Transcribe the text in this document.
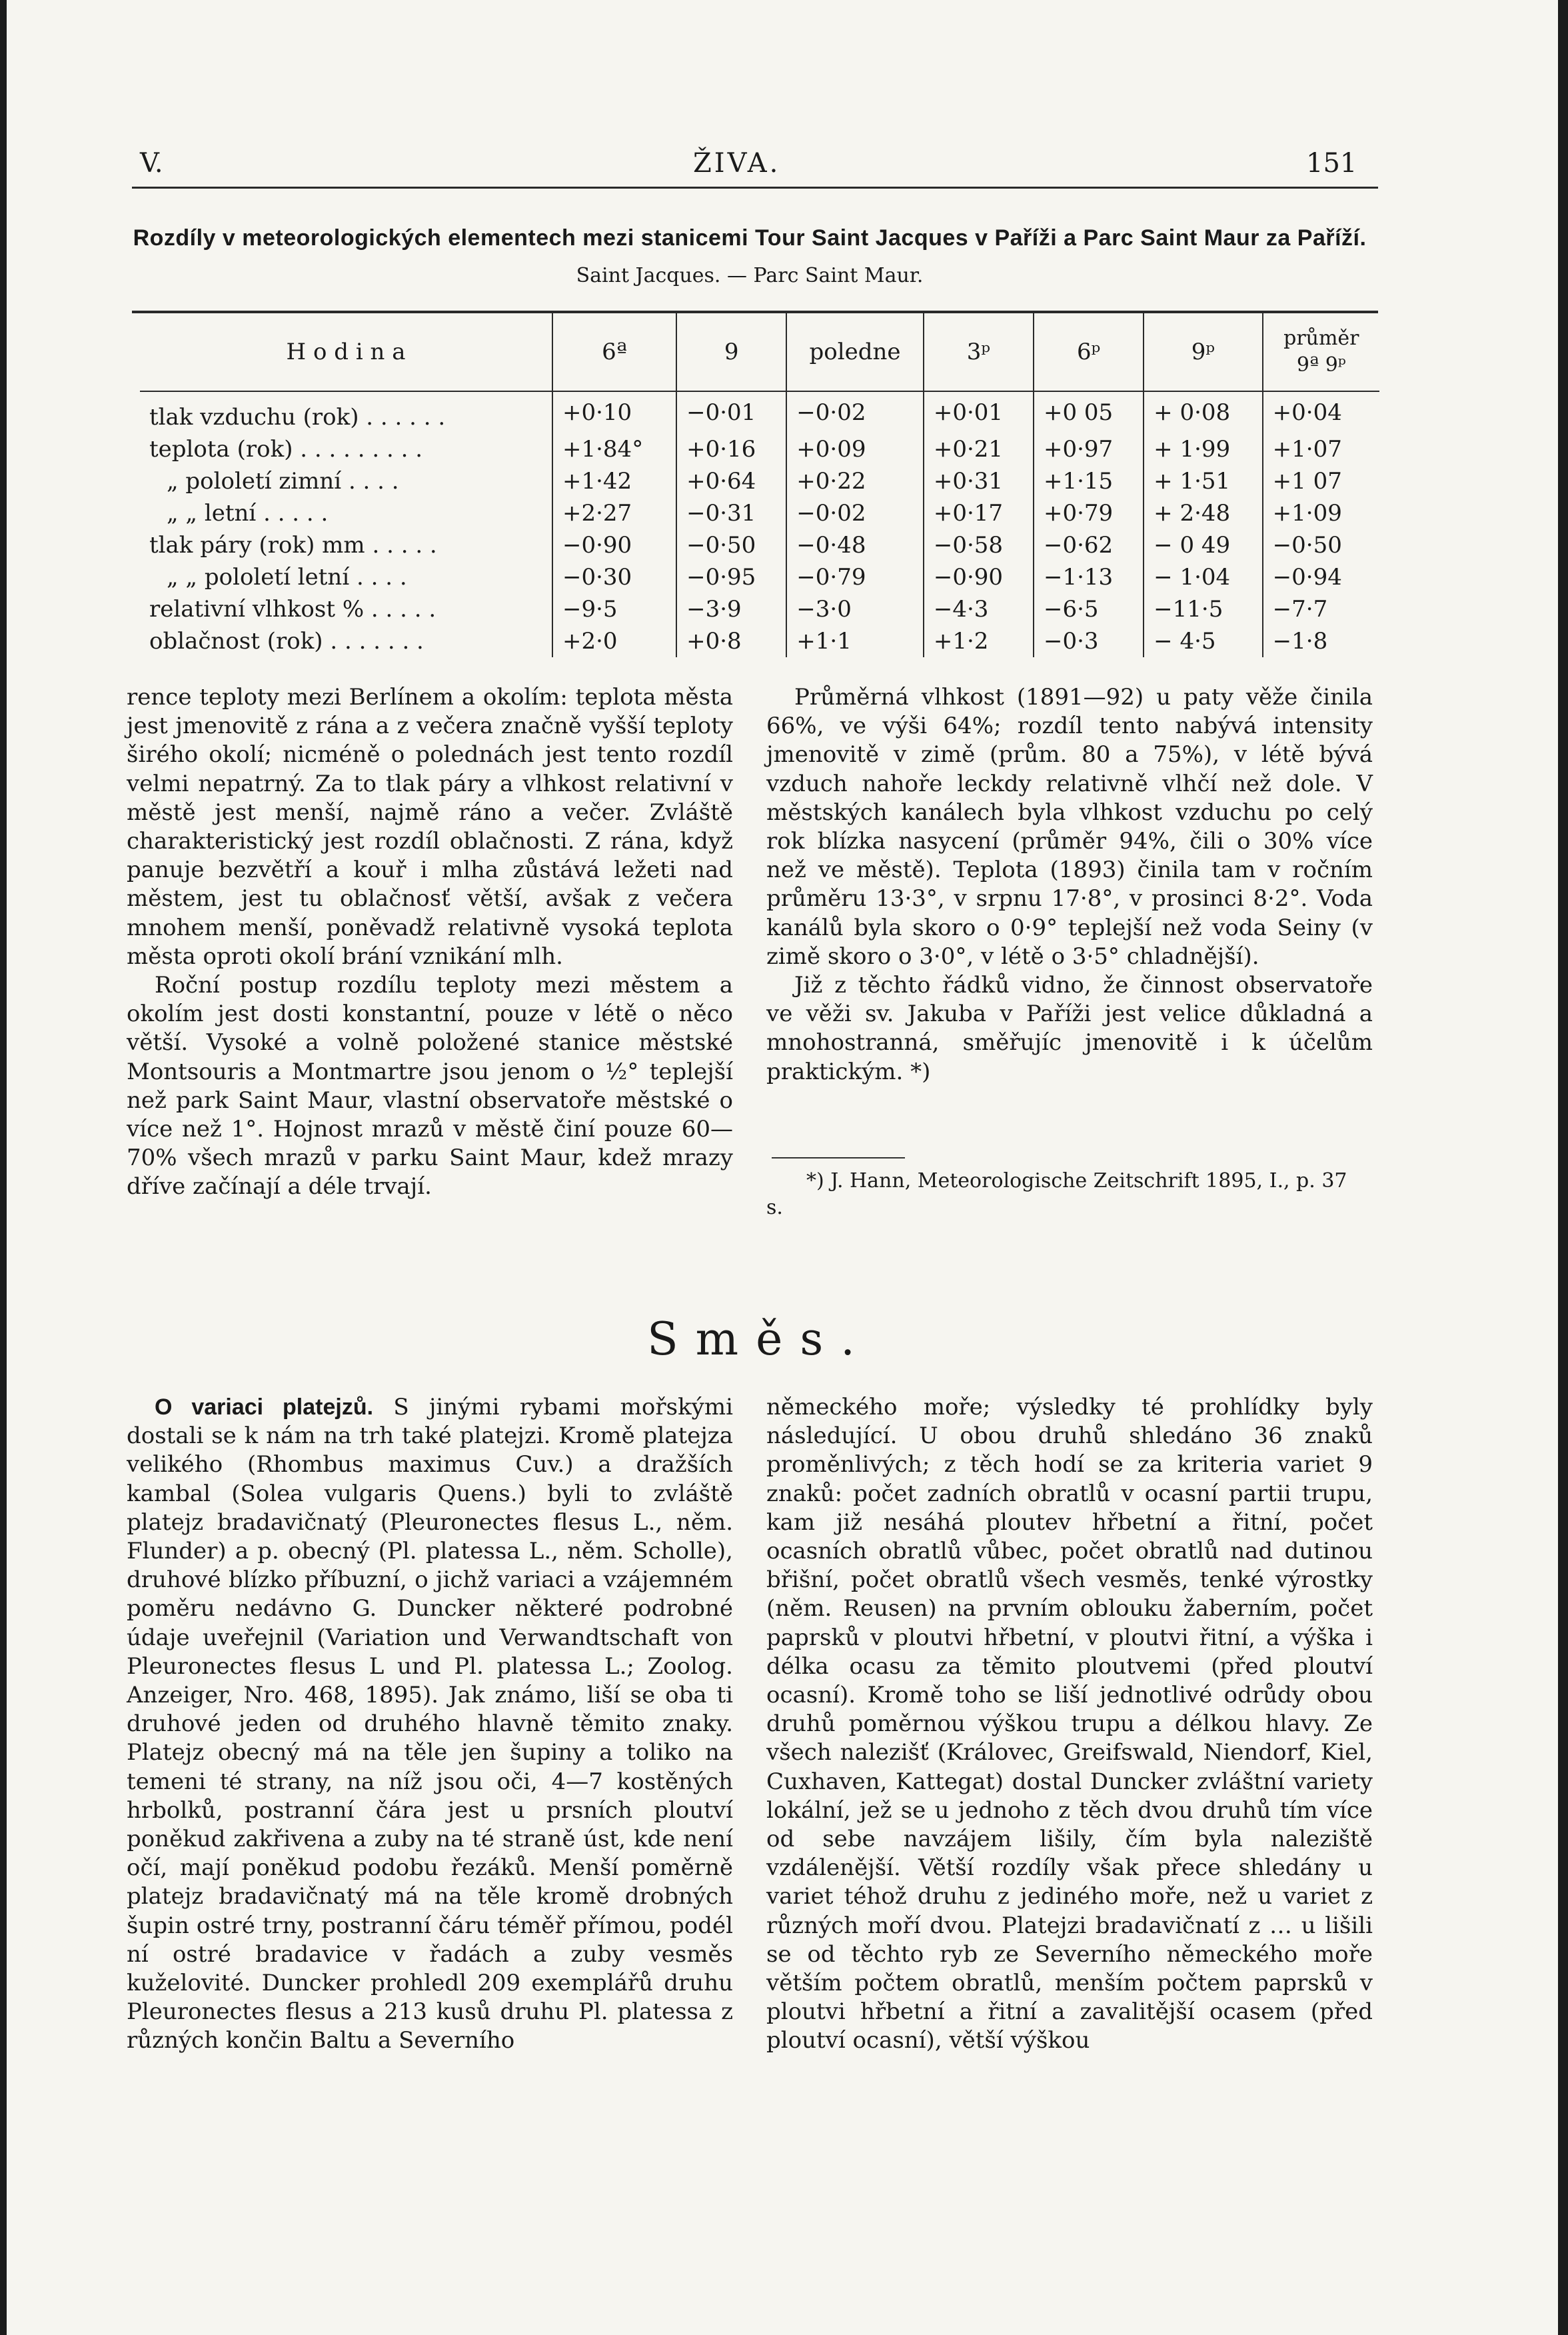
V.	ŽIVA.	151
Rozdíly v meteorologických elementech mezi stanicemi Tour Saint Jacques v Paříži a Parc Saint Maur za Paříží.
Saint Jacques. — Parc Saint Maur.
H o d i n a	6ª	9	poledne	3ᵖ	6ᵖ	9ᵖ	průměr
9ª 9ᵖ
tlak vzduchu (rok) . . . . . .	+0·10	−0·01	−0·02	+0·01	+0 05	+ 0·08	+0·04
teplota (rok) . . . . . . . . .	+1·84°	+0·16	+0·09	+0·21	+0·97	+ 1·99	+1·07
„ pololetí zimní . . . .	+1·42	+0·64	+0·22	+0·31	+1·15	+ 1·51	+1 07
„ „ letní . . . . .	+2·27	−0·31	−0·02	+0·17	+0·79	+ 2·48	+1·09
tlak páry (rok) mm . . . . .	−0·90	−0·50	−0·48	−0·58	−0·62	− 0 49	−0·50
„ „ pololetí letní . . . .	−0·30	−0·95	−0·79	−0·90	−1·13	− 1·04	−0·94
relativní vlhkost % . . . . .	−9·5	−3·9	−3·0	−4·3	−6·5	−11·5	−7·7
oblačnost (rok) . . . . . . .	+2·0	+0·8	+1·1	+1·2	−0·3	− 4·5	−1·8

rence teploty mezi Berlínem a okolím: teplota města jest jmenovitě z rána a z večera značně vyšší teploty širého okolí; nicméně o polednách jest tento rozdíl velmi nepatrný. Za to tlak páry a vlhkost relativní v městě jest menší, najmě ráno a večer. Zvláště charakteristický jest rozdíl oblačnosti. Z rána, když panuje bezvětří a kouř i mlha zůstává ležeti nad městem, jest tu oblačnosť větší, avšak z večera mnohem menší, poněvadž relativně vysoká teplota města oproti okolí brání vznikání mlh.

Roční postup rozdílu teploty mezi městem a okolím jest dosti konstantní, pouze v létě o něco větší. Vysoké a volně položené stanice městské Montsouris a Montmartre jsou jenom o ½° teplejší než park Saint Maur, vlastní observatoře městské o více než 1°. Hojnost mrazů v městě činí pouze 60—70% všech mrazů v parku Saint Maur, kdež mrazy dříve začínají a déle trvají.

Průměrná vlhkost (1891—92) u paty věže činila 66%, ve výši 64%; rozdíl tento nabývá intensity jmenovitě v zimě (prům. 80 a 75%), v létě bývá vzduch nahoře leckdy relativně vlhčí než dole. V městských kanálech byla vlhkost vzduchu po celý rok blízka nasycení (průměr 94%, čili o 30% více než ve městě). Teplota (1893) činila tam v ročním průměru 13·3°, v srpnu 17·8°, v prosinci 8·2°. Voda kanálů byla skoro o 0·9° teplejší než voda Seiny (v zimě skoro o 3·0°, v létě o 3·5° chladnější).

Již z těchto řádků vidno, že činnost observatoře ve věži sv. Jakuba v Paříži jest velice důkladná a mnohostranná, směřujíc jmenovitě i k účelům praktickým. *)

*) J. Hann, Meteorologische Zeitschrift 1895, I., p. 37 s.
Směs.

O variaci platejzů. S jinými rybami mořskými dostali se k nám na trh také platejzi. Kromě platejza velikého (Rhombus maximus Cuv.) a dražších kambal (Solea vulgaris Quens.) byli to zvláště platejz bradavičnatý (Pleuronectes flesus L., něm. Flunder) a p. obecný (Pl. platessa L., něm. Scholle), druhové blízko příbuzní, o jichž variaci a vzájemném poměru nedávno G. Duncker některé podrobné údaje uveřejnil (Variation und Verwandtschaft von Pleuronectes flesus L und Pl. platessa L.; Zoolog. Anzeiger, Nro. 468, 1895). Jak známo, liší se oba ti druhové jeden od druhého hlavně těmito znaky. Platejz obecný má na těle jen šupiny a toliko na temeni té strany, na níž jsou oči, 4—7 kostěných hrbolků, postranní čára jest u prsních ploutví poněkud zakřivena a zuby na té straně úst, kde není očí, mají poněkud podobu řezáků. Menší poměrně platejz bradavičnatý má na těle kromě drobných šupin ostré trny, postranní čáru téměř přímou, podél ní ostré bradavice v řadách a zuby vesměs kuželovité. Duncker prohledl 209 exemplářů druhu Pleuronectes flesus a 213 kusů druhu Pl. platessa z různých končin Baltu a Severního

německého moře; výsledky té prohlídky byly následující. U obou druhů shledáno 36 znaků proměnlivých; z těch hodí se za kriteria variet 9 znaků: počet zadních obratlů v ocasní partii trupu, kam již nesáhá ploutev hřbetní a řitní, počet ocasních obratlů vůbec, počet obratlů nad dutinou břišní, počet obratlů všech vesměs, tenké výrostky (něm. Reusen) na prvním oblouku žaberním, počet paprsků v ploutvi hřbetní, v ploutvi řitní, a výška i délka ocasu za těmito ploutvemi (před ploutví ocasní). Kromě toho se liší jednotlivé odrůdy obou druhů poměrnou výškou trupu a délkou hlavy. Ze všech nalezišť (Královec, Greifswald, Niendorf, Kiel, Cuxhaven, Kattegat) dostal Duncker zvláštní variety lokální, jež se u jednoho z těch dvou druhů tím více od sebe navzájem lišily, čím byla naleziště vzdálenější. Větší rozdíly však přece shledány u variet téhož druhu z jediného moře, než u variet z různých moří dvou. Platejzi bradavičnatí z … u lišili se od těchto ryb ze Severního německého moře větším počtem obratlů, menším počtem paprsků v ploutvi hřbetní a řitní a zavalitější ocasem (před ploutví ocasní), větší výškou
